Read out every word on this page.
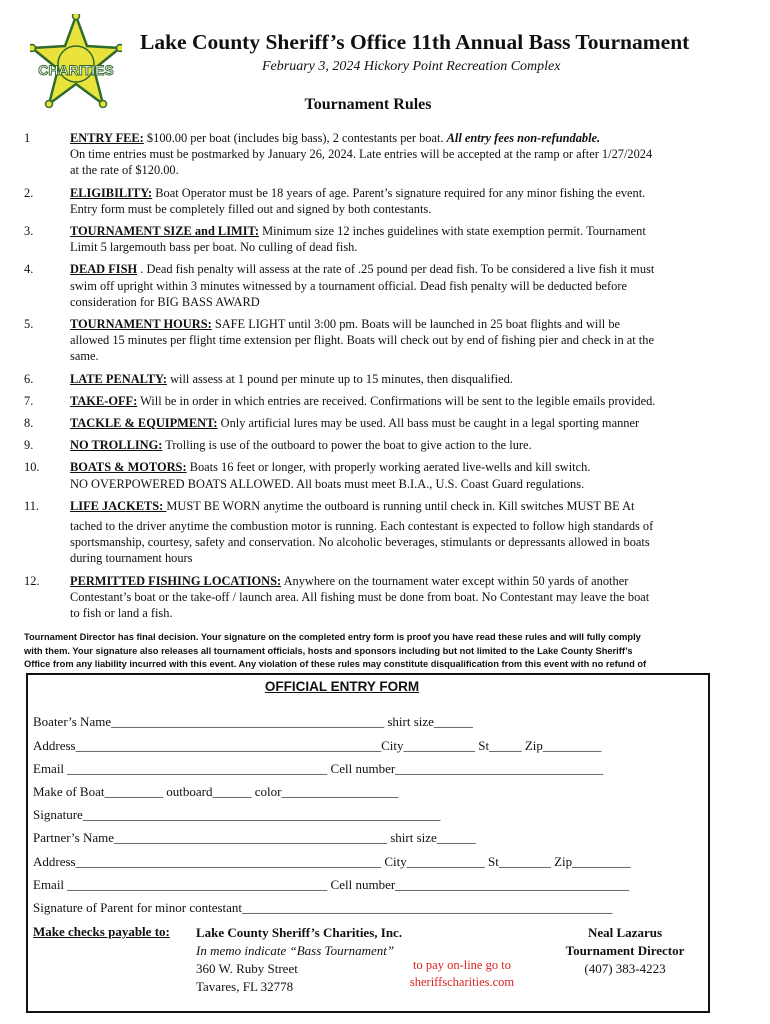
CHARITIES
Lake County Sheriff’s Office 11th Annual Bass Tournament
February 3, 2024 Hickory Point Recreation Complex
Tournament Rules
1	ENTRY FEE: $100.00 per boat (includes big bass), 2 contestants per boat. All entry fees non-refundable.
On time entries must be postmarked by January 26, 2024. Late entries will be accepted at the ramp or after 1/27/2024
at the rate of $120.00.
2.	ELIGIBILITY: Boat Operator must be 18 years of age. Parent’s signature required for any minor fishing the event.
Entry form must be completely filled out and signed by both contestants.
3.	TOURNAMENT SIZE and LIMIT: Minimum size 12 inches guidelines with state exemption permit. Tournament
Limit 5 largemouth bass per boat. No culling of dead fish.
4.	DEAD FISH . Dead fish penalty will assess at the rate of .25 pound per dead fish. To be considered a live fish it must
swim off upright within 3 minutes witnessed by a tournament official. Dead fish penalty will be deducted before
consideration for BIG BASS AWARD
5.	TOURNAMENT HOURS: SAFE LIGHT until 3:00 pm. Boats will be launched in 25 boat flights and will be
allowed 15 minutes per flight time extension per flight. Boats will check out by end of fishing pier and check in at the
same.
6.	LATE PENALTY: will assess at 1 pound per minute up to 15 minutes, then disqualified.
7.	TAKE-OFF: Will be in order in which entries are received. Confirmations will be sent to the legible emails provided.
8.	TACKLE & EQUIPMENT: Only artificial lures may be used. All bass must be caught in a legal sporting manner
9.	NO TROLLING: Trolling is use of the outboard to power the boat to give action to the lure.
10. BOATS & MOTORS: Boats 16 feet or longer, with properly working aerated live-wells and kill switch.
NO OVERPOWERED BOATS ALLOWED. All boats must meet B.I.A., U.S. Coast Guard regulations.
11. LIFE JACKETS: MUST BE WORN anytime the outboard is running until check in. Kill switches MUST BE At
tached to the driver anytime the combustion motor is running. Each contestant is expected to follow high standards of
sportsmanship, courtesy, safety and conservation. No alcoholic beverages, stimulants or depressants allowed in boats
during tournament hours
12. PERMITTED FISHING LOCATIONS: Anywhere on the tournament water except within 50 yards of another
Contestant’s boat or the take-off / launch area. All fishing must be done from boat. No Contestant may leave the boat
to fish or land a fish.
Tournament Director has final decision. Your signature on the completed entry form is proof you have read these rules and will fully comply
with them. Your signature also releases all tournament officials, hosts and sponsors including but not limited to the Lake County Sheriff’s
Office from any liability incurred with this event. Any violation of these rules may constitute disqualification from this event with no refund of
OFFICIAL ENTRY FORM
Boater’s Name__________________________________________ shirt size______
Address_______________________________________________City___________ St_____ Zip_________
Email ________________________________________ Cell number________________________________
Make of Boat_________ outboard______ color__________________
Signature_______________________________________________________
Partner’s Name__________________________________________ shirt size______
Address_______________________________________________ City____________ St________ Zip_________
Email ________________________________________ Cell number____________________________________
Signature of Parent for minor contestant_________________________________________________________
Make checks payable to: Lake County Sheriff’s Charities, Inc.
In memo indicate “Bass Tournament”
360 W. Ruby Street
Tavares, FL 32778
to pay on-line go to
sheriffscharities.com
Neal Lazarus
Tournament Director
(407) 383-4223
